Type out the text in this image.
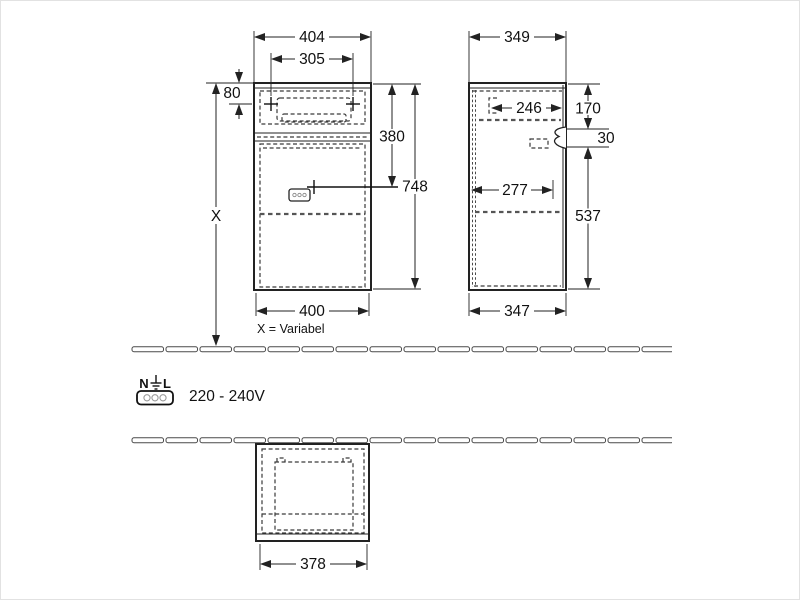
404
305
80
X
380
748
400
X = Variabel
349
246 170
30
277
537
347
N L
220 - 240V
378
